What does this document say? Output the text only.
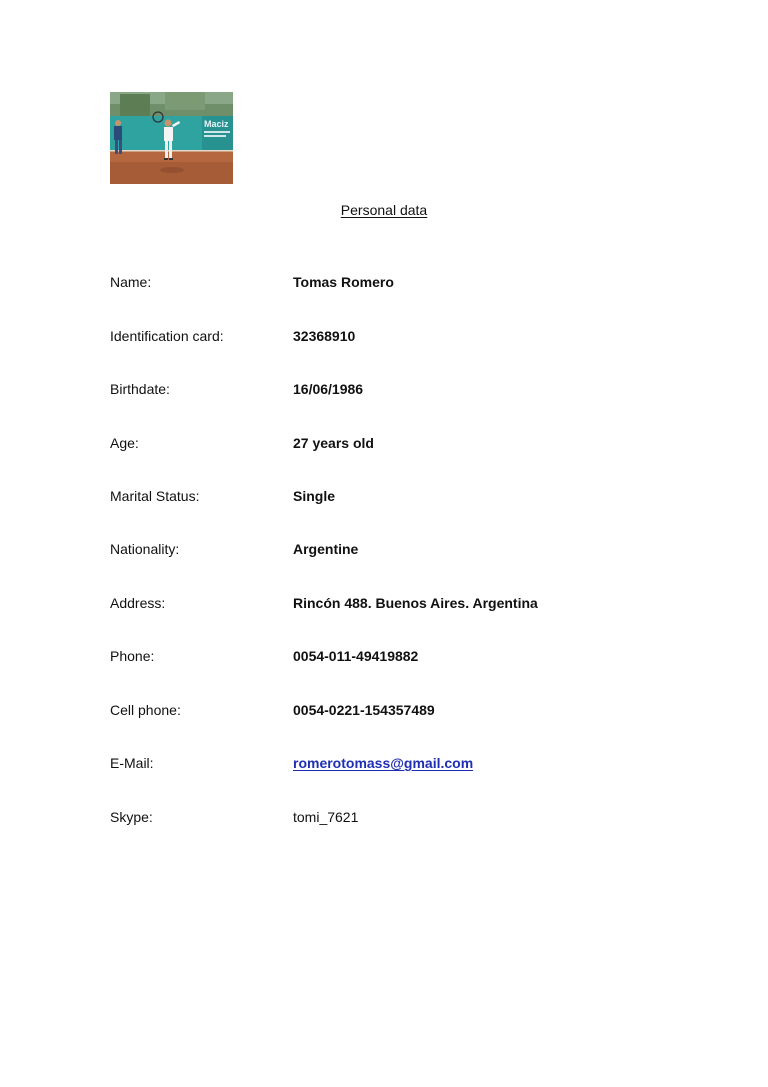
Maciz
Personal data
Name:	Tomas Romero
Identification card:	32368910
Birthdate:	16/06/1986
Age:	27 years old
Marital Status:	Single
Nationality:	Argentine
Address:	Rincón 488. Buenos Aires. Argentina
Phone:	0054-011-49419882
Cell phone:	0054-0221-154357489
E-Mail:	romerotomass@gmail.com
Skype:	tomi_7621
